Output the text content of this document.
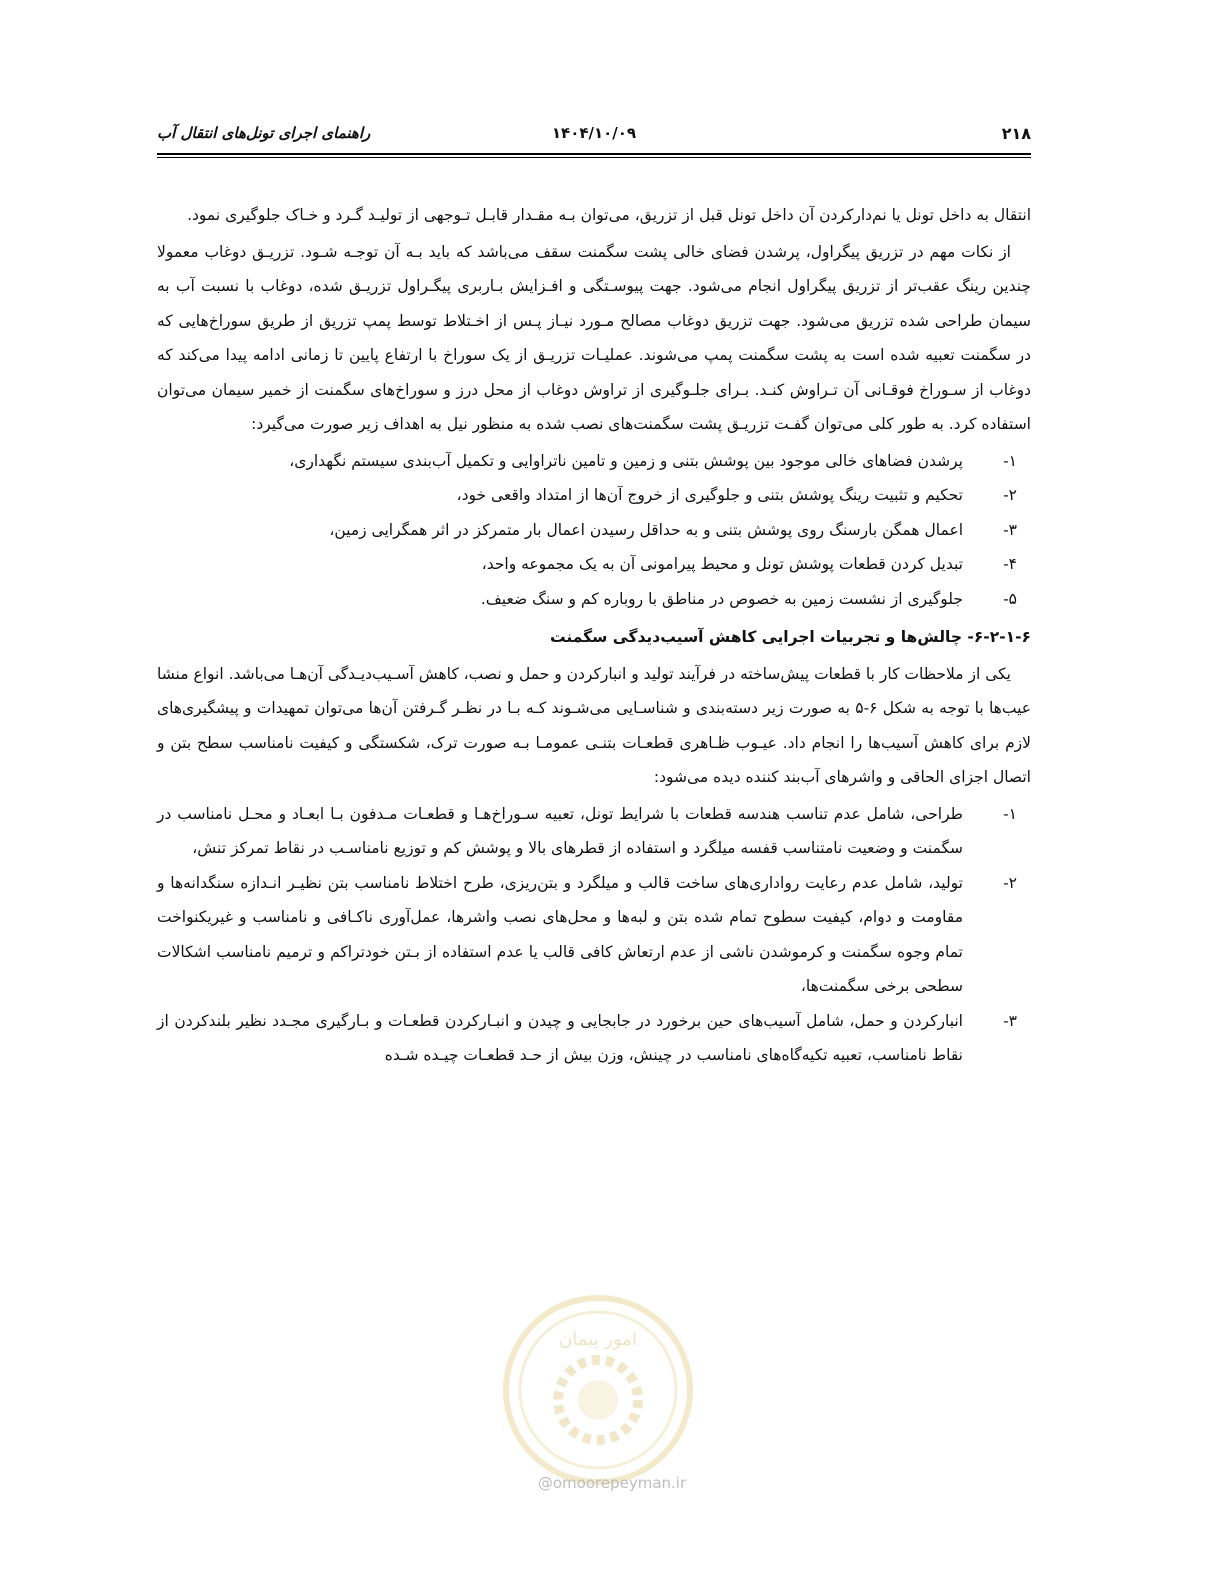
۲۱۸
۱۴۰۴/۱۰/۰۹
راهنمای اجرای تونل‌های انتقال آب

انتقال به داخل تونل یا نم‌دارکردن آن داخل تونل قبل از تزریق، می‌توان بـه مقـدار قابـل تـوجهی از تولیـد گـرد و خـاک جلوگیری نمود.

از نکات مهم در تزریق پیگراول، پرشدن فضای خالی پشت سگمنت سقف می‌باشد که باید بـه آن توجـه شـود. تزریـق دوغاب معمولا چندین رینگ عقب‌تر از تزریق پیگراول انجام می‌شود. جهت پیوسـتگی و افـزایش بـاربری پیگـراول تزریـق شده، دوغاب با نسبت آب به سیمان طراحی شده تزریق می‌شود. جهت تزریق دوغاب مصالح مـورد نیـاز پـس از اخـتلاط توسط پمپ تزریق از طریق سوراخ‌هایی که در سگمنت تعبیه شده است به پشت سگمنت پمپ می‌شوند. عملیـات تزریـق از یک سوراخ با ارتفاع پایین تا زمانی ادامه پیدا می‌کند که دوغاب از سـوراخ فوقـانی آن تـراوش کنـد. بـرای جلـوگیری از تراوش دوغاب از محل درز و سوراخ‌های سگمنت از خمیر سیمان می‌توان استفاده کرد. به طور کلی می‌توان گفـت تزریـق پشت سگمنت‌های نصب شده به منظور نیل به اهداف زیر صورت می‌گیرد:

۱-
پرشدن فضاهای خالی موجود بین پوشش بتنی و زمین و تامین ناتراوایی و تکمیل آب‌بندی سیستم نگهداری،
۲-
تحکیم و تثبیت رینگ پوشش بتنی و جلوگیری از خروج آن‌ها از امتداد واقعی خود،
۳-
اعمال همگن بارسنگ روی پوشش بتنی و به حداقل رسیدن اعمال بار متمرکز در اثر همگرایی زمین،
۴-
تبدیل کردن قطعات پوشش تونل و محیط پیرامونی آن به یک مجموعه واحد،
۵-
جلوگیری از نشست زمین به خصوص در مناطق با روباره کم و سنگ ضعیف.

۶-۲-۱-۶- چالش‌ها و تجربیات اجرایی کاهش آسیب‌دیدگی سگمنت

یکی از ملاحظات کار با قطعات پیش‌ساخته در فرآیند تولید و انبارکردن و حمل و نصب، کاهش آسـیب‌دیـدگی آن‌هـا می‌باشد. انواع منشا عیب‌ها با توجه به شکل ۶-۵ به صورت زیر دسته‌بندی و شناسـایی می‌شـوند کـه بـا در نظـر گـرفتن آن‌ها می‌توان تمهیدات و پیشگیری‌های لازم برای کاهش آسیب‌ها را انجام داد. عیـوب ظـاهری قطعـات بتنـی عمومـا بـه صورت ترک، شکستگی و کیفیت نامناسب سطح بتن و اتصال اجزای الحاقی و واشرهای آب‌بند کننده دیده می‌شود:

۱-
طراحی، شامل عدم تناسب هندسه قطعات با شرایط تونل، تعبیه سـوراخ‌هـا و قطعـات مـدفون بـا ابعـاد و محـل نامناسب در سگمنت و وضعیت نامتناسب قفسه میلگرد و استفاده از قطرهای بالا و پوشش کم و توزیع نامناسـب در نقاط تمرکز تنش،
۲-
تولید، شامل عدم رعایت رواداری‌های ساخت قالب و میلگرد و بتن‌ریزی، طرح اختلاط نامناسب بتن نظیـر انـدازه سنگدانه‌ها و مقاومت و دوام، کیفیت سطوح تمام شده بتن و لبه‌ها و محل‌های نصب واشرها، عمل‌آوری ناکـافی و نامناسب و غیریکنواخت تمام وجوه سگمنت و کرموشدن ناشی از عدم ارتعاش کافی قالب یا عدم استفاده از بـتن خودتراکم و ترمیم نامناسب اشکالات سطحی برخی سگمنت‌ها،
۳-
انبارکردن و حمل، شامل آسیب‌های حین برخورد در جابجایی و چیدن و انبـارکردن قطعـات و بـارگیری مجـدد نظیر بلندکردن از نقاط نامناسب، تعبیه تکیه‌گاه‌های نامناسب در چینش، وزن بیش از حـد قطعـات چیـده شـده
امور پیمان
@omoorepeyman.ir
